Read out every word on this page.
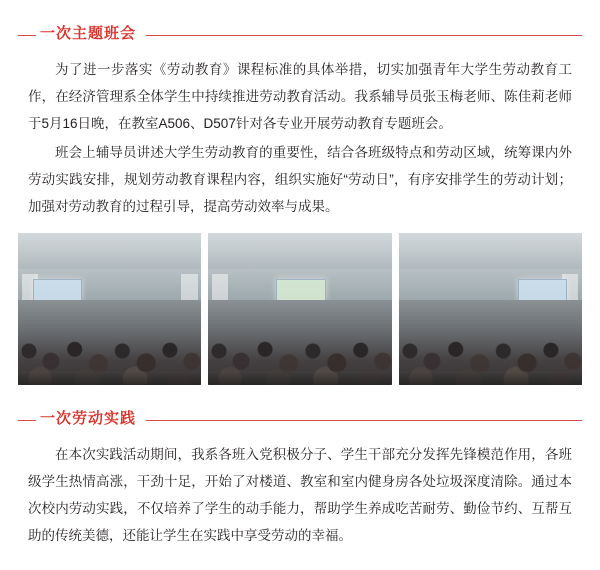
一次主题班会

为了进一步落实《劳动教育》课程标准的具体举措，切实加强青年大学生劳动教育工作，在经济管理系全体学生中持续推进劳动教育活动。我系辅导员张玉梅老师、陈佳莉老师于5月16日晚，在教室A506、D507针对各专业开展劳动教育专题班会。

班会上辅导员讲述大学生劳动教育的重要性，结合各班级特点和劳动区域，统筹课内外劳动实践安排，规划劳动教育课程内容，组织实施好“劳动日”，有序安排学生的劳动计划；加强对劳动教育的过程引导，提高劳动效率与成果。

一次劳动实践

在本次实践活动期间，我系各班入党积极分子、学生干部充分发挥先锋模范作用，各班级学生热情高涨，干劲十足，开始了对楼道、教室和室内健身房各处垃圾深度清除。通过本次校内劳动实践，不仅培养了学生的动手能力，帮助学生养成吃苦耐劳、勤俭节约、互帮互助的传统美德，还能让学生在实践中享受劳动的幸福。
